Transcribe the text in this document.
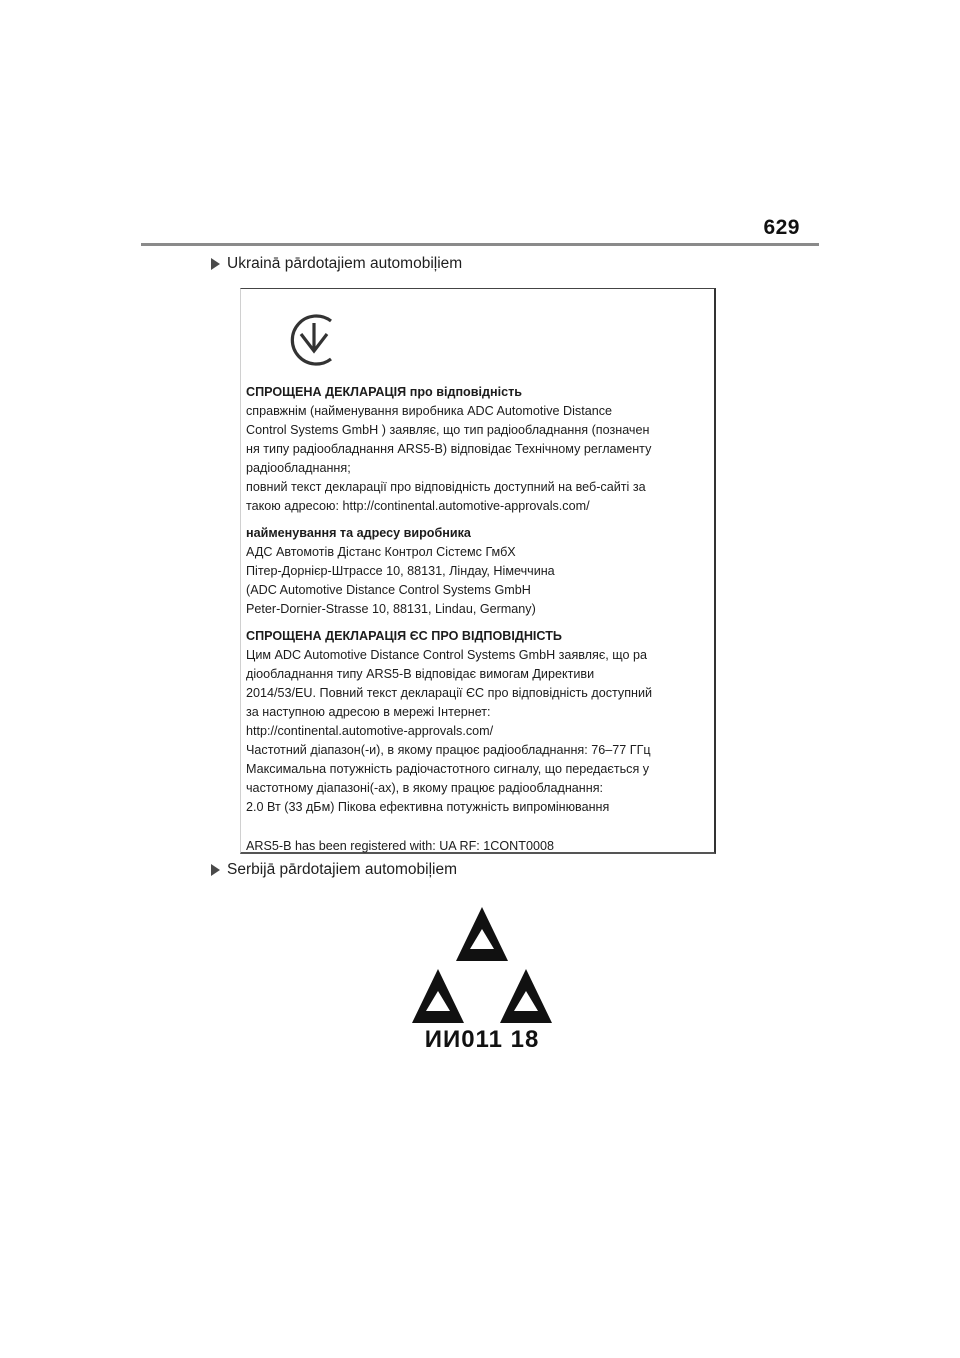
629
Ukrainā pārdotajiem automobiļiem
СПРОЩЕНА ДЕКЛАРАЦІЯ про відповідність
справжнім (найменування виробника ADC Automotive Distance
Control Systems GmbH ) заявляє, що тип радіообладнання (позначен
ня типу радіообладнання ARS5-B) відповідає Технічному регламенту
радіообладнання;
повний текст декларації про відповідність доступний на веб-сайті за
такою адресою: http://continental.automotive-approvals.com/
найменування та адресу виробника
АДС Автомотів Дістанс Контрол Сістемс ГмбХ
Пітер-Дорнієр-Штрассе 10, 88131, Ліндау, Німеччина
(ADC Automotive Distance Control Systems GmbH
Peter-Dornier-Strasse 10, 88131, Lindau, Germany)
СПРОЩЕНА ДЕКЛАРАЦІЯ ЄС ПРО ВІДПОВІДНІСТЬ
Цим ADC Automotive Distance Control Systems GmbH заявляє, що ра
діообладнання типу ARS5-B відповідає вимогам Директиви
2014/53/EU. Повний текст декларації ЄС про відповідність доступний
за наступною адресою в мережі Інтернет:
http://continental.automotive-approvals.com/
Частотний діапазон(-и), в якому працює радіообладнання: 76–77 ГГц
Максимальна потужність радіочастотного сигналу, що передається у
частотному діапазоні(-ах), в якому працює радіообладнання:
2.0 Вт (33 дБм) Пікова ефективна потужність випромінювання
ARS5-B has been registered with: UA RF: 1CONT0008
Serbijā pārdotajiem automobiļiem
ИИ011 18
